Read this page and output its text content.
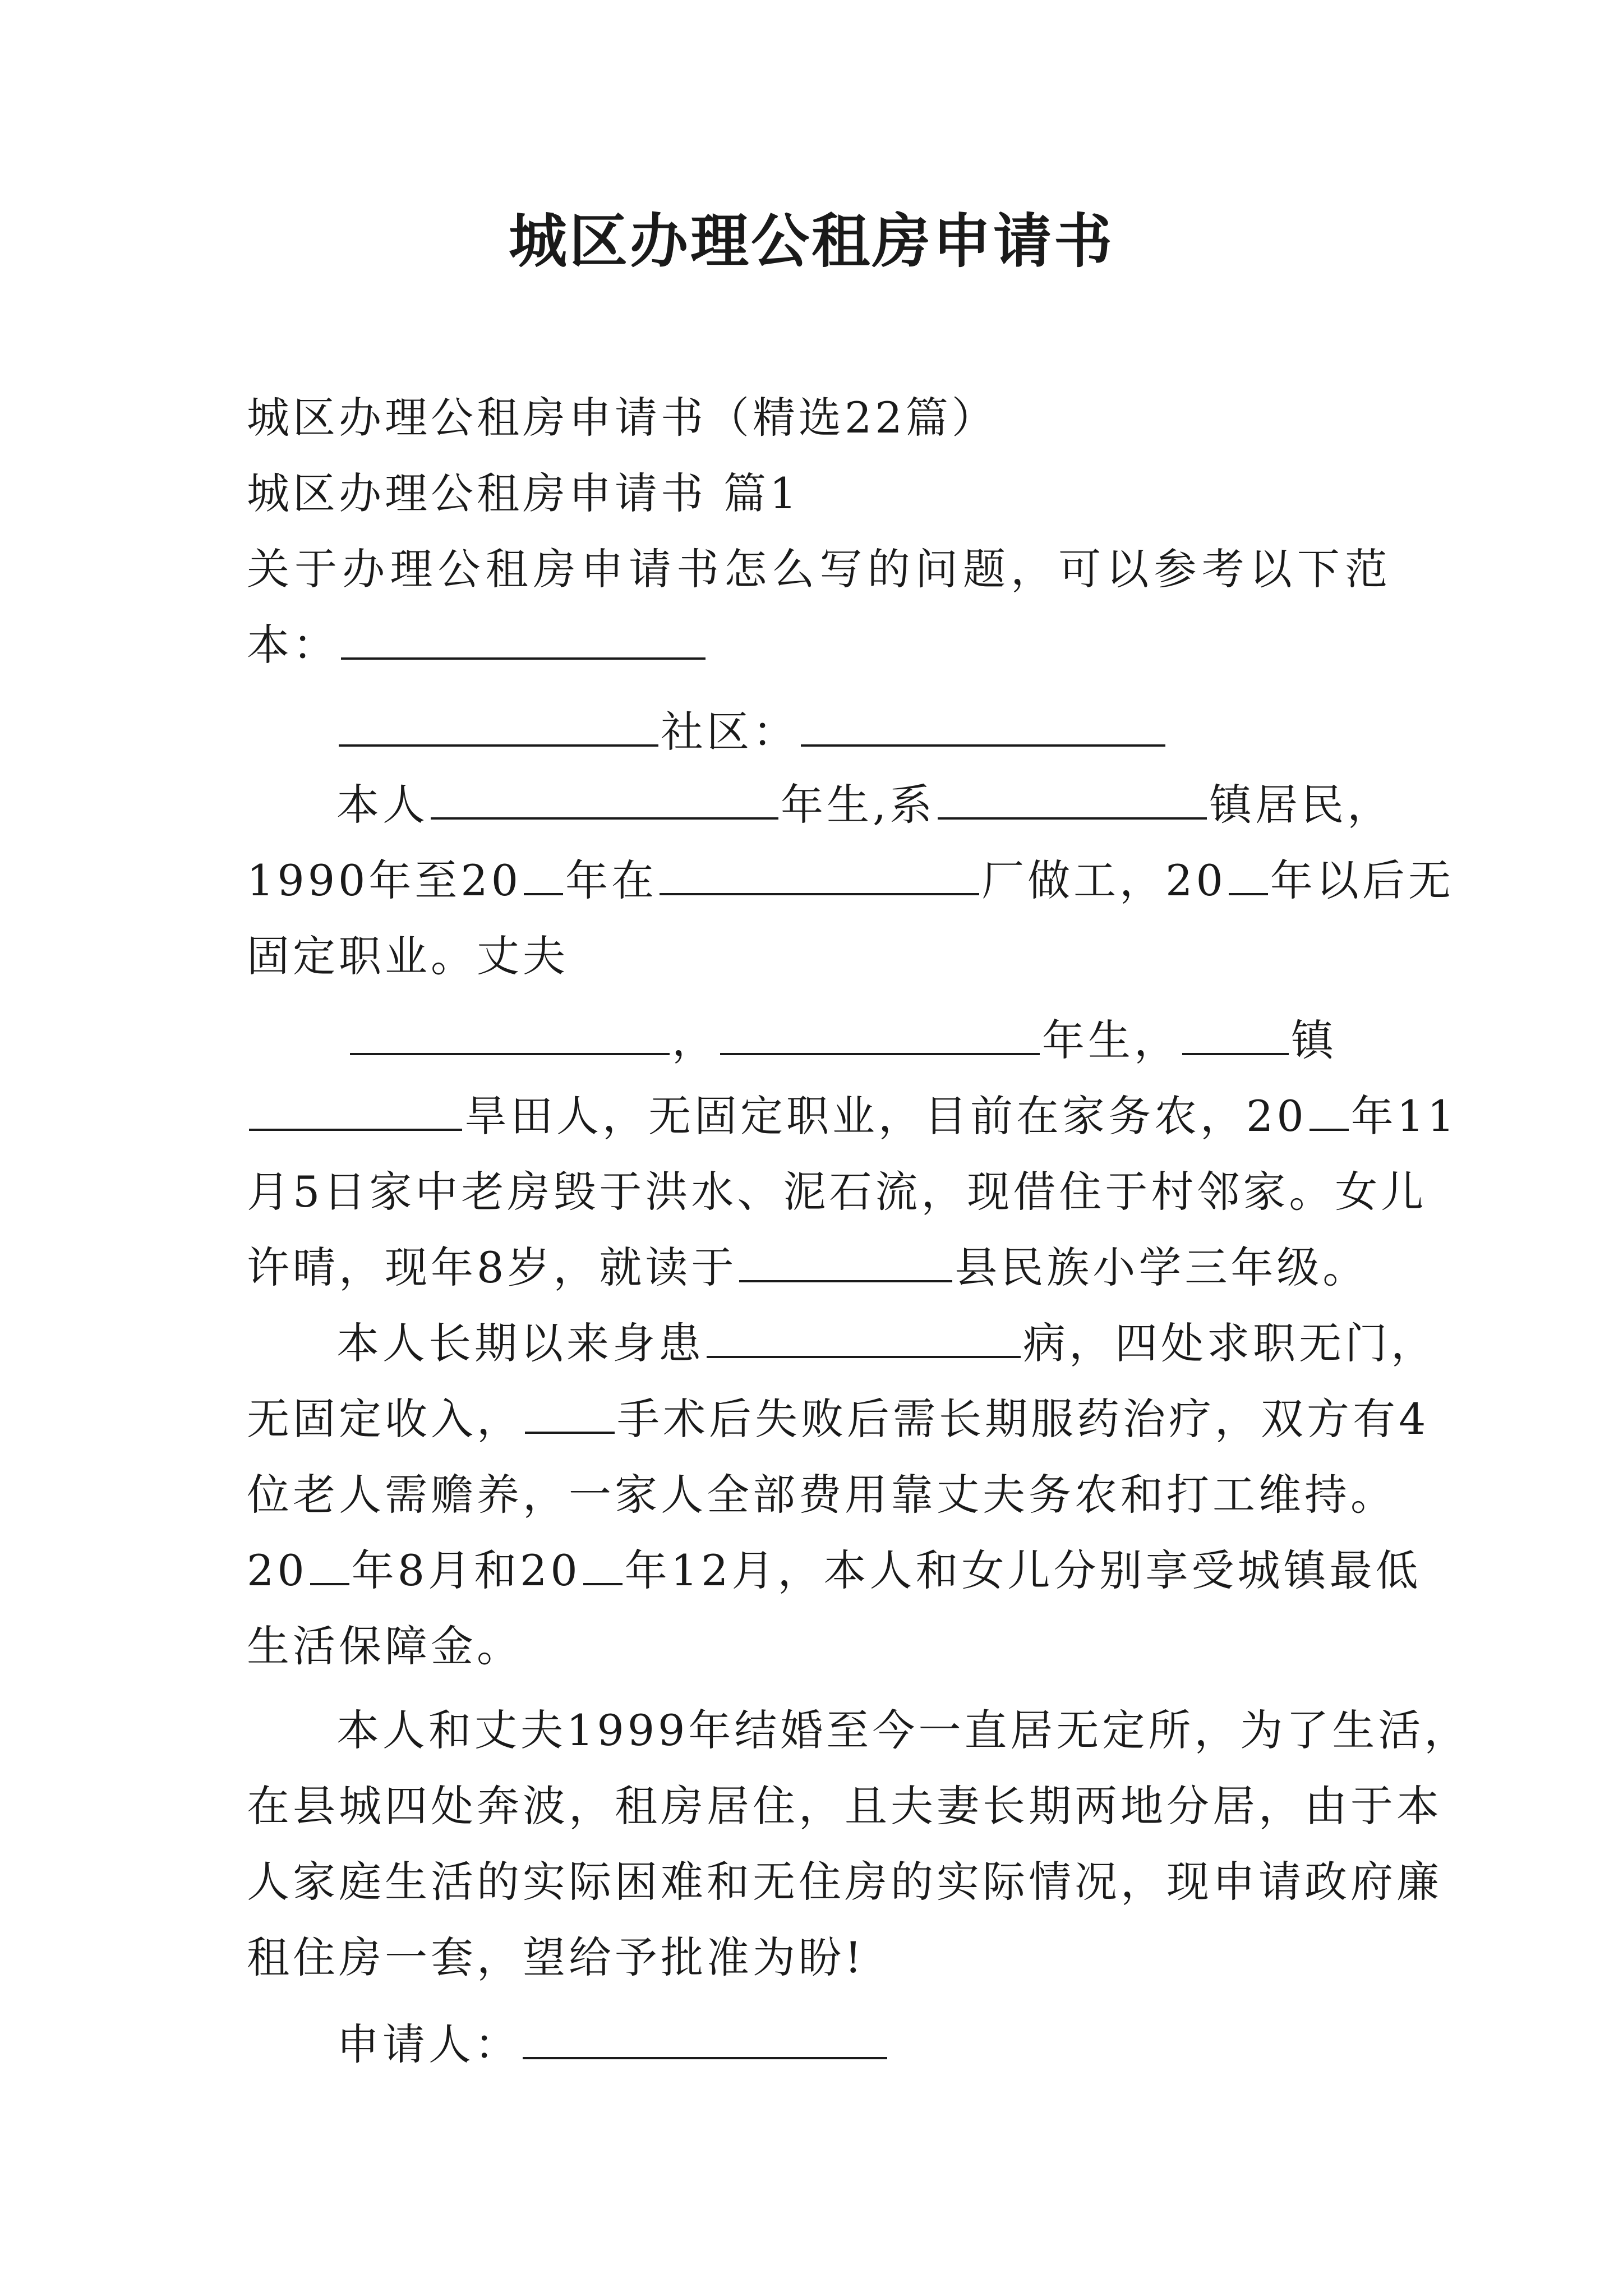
城区办理公租房申请书
城区办理公租房申请书（精选22篇）
城区办理公租房申请书 篇1
关于办理公租房申请书怎么写的问题，可以参考以下范
本：
社区：
本人	年生,系	镇居民，
1990年至20 年在	厂做工，20 年以后无
固定职业。丈夫
，	年生，	镇
旱田人，无固定职业，目前在家务农，20 年11
月5日家中老房毁于洪水、泥石流，现借住于村邻家。女儿
许晴，现年8岁，就读于	县民族小学三年级。
本人长期以来身患	病，四处求职无门，
无固定收入， 手术后失败后需长期服药治疗，双方有4
位老人需赡养，一家人全部费用靠丈夫务农和打工维持。
20 年8月和20 年12月，本人和女儿分别享受城镇最低
生活保障金。
本人和丈夫1999年结婚至今一直居无定所，为了生活，
在县城四处奔波，租房居住，且夫妻长期两地分居，由于本
人家庭生活的实际困难和无住房的实际情况，现申请政府廉
租住房一套，望给予批准为盼!
申请人：
